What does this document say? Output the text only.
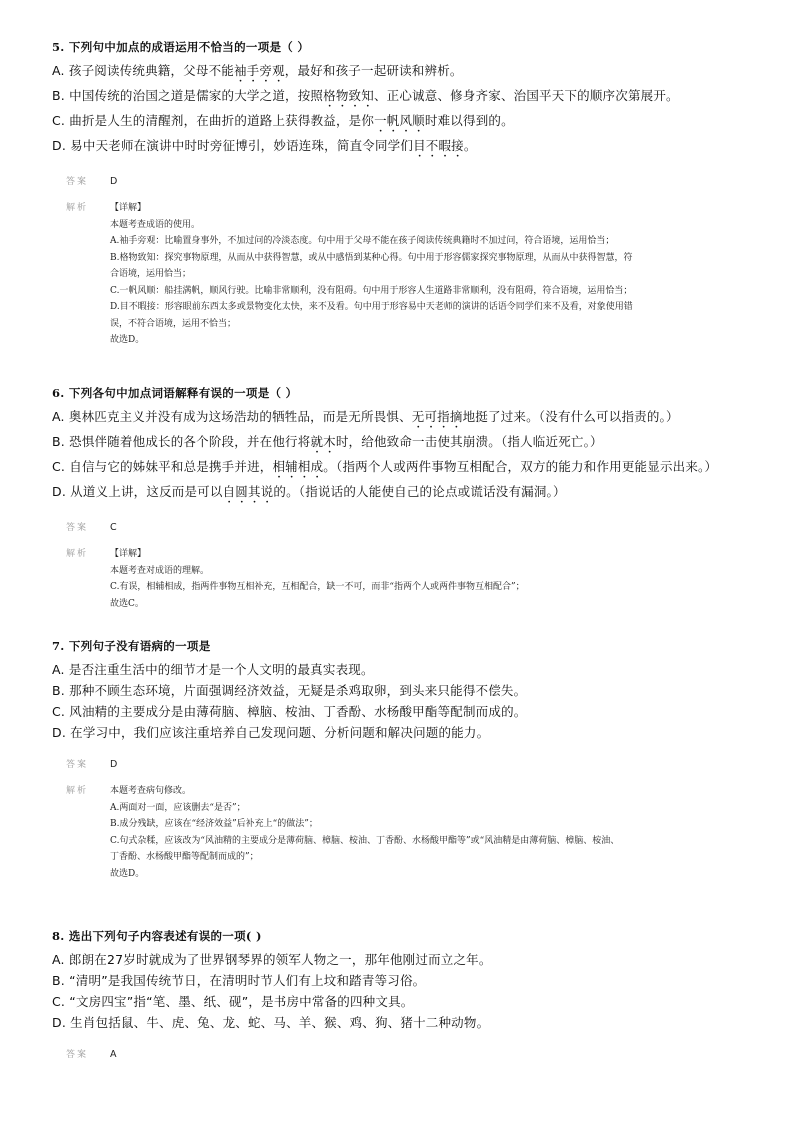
5. 下列句中加点的成语运用不恰当的一项是（ ）
A. 孩子阅读传统典籍，父母不能袖手旁观，最好和孩子一起研读和辨析。
B. 中国传统的治国之道是儒家的大学之道，按照格物致知、正心诚意、修身齐家、治国平天下的顺序次第展开。
C. 曲折是人生的清醒剂，在曲折的道路上获得教益，是你一帆风顺时难以得到的。
D. 易中天老师在演讲中时时旁征博引，妙语连珠，简直令同学们目不暇接。
答案	D
解析	【详解】
本题考查成语的使用。
A.袖手旁观：比喻置身事外，不加过问的冷淡态度。句中用于父母不能在孩子阅读传统典籍时不加过问，符合语境，运用恰当；
B.格物致知：探究事物原理，从而从中获得智慧，或从中感悟到某种心得。句中用于形容儒家探究事物原理，从而从中获得智慧，符
合语境，运用恰当；
C.一帆风顺：船挂满帆，顺风行驶。比喻非常顺利，没有阻碍。句中用于形容人生道路非常顺利，没有阻碍，符合语境，运用恰当；
D.目不暇接：形容眼前东西太多或景物变化太快，来不及看。句中用于形容易中天老师的演讲的话语令同学们来不及看，对象使用错
误，不符合语境，运用不恰当；
故选D。
6. 下列各句中加点词语解释有误的一项是（ ）
A. 奥林匹克主义并没有成为这场浩劫的牺牲品，而是无所畏惧、无可指摘地挺了过来。（没有什么可以指责的。）
B. 恐惧伴随着他成长的各个阶段，并在他行将就木时，给他致命一击使其崩溃。（指人临近死亡。）
C. 自信与它的姊妹平和总是携手并进，相辅相成。（指两个人或两件事物互相配合，双方的能力和作用更能显示出来。）
D. 从道义上讲，这反而是可以自圆其说的。（指说话的人能使自己的论点或谎话没有漏洞。）
答案	C
解析	【详解】
本题考查对成语的理解。
C.有误，相辅相成，指两件事物互相补充，互相配合，缺一不可，而非“指两个人或两件事物互相配合”；
故选C。
7. 下列句子没有语病的一项是
A. 是否注重生活中的细节才是一个人文明的最真实表现。
B. 那种不顾生态环境，片面强调经济效益，无疑是杀鸡取卵，到头来只能得不偿失。
C. 风油精的主要成分是由薄荷脑、樟脑、桉油、丁香酚、水杨酸甲酯等配制而成的。
D. 在学习中，我们应该注重培养自己发现问题、分析问题和解决问题的能力。
答案	D
解析	本题考查病句修改。
A.两面对一面，应该删去“是否”；
B.成分残缺，应该在“经济效益”后补充上“的做法”；
C.句式杂糅，应该改为“风油精的主要成分是薄荷脑、樟脑、桉油、丁香酚、水杨酸甲酯等”或“风油精是由薄荷脑、樟脑、桉油、
丁香酚、水杨酸甲酯等配制而成的”；
故选D。
8. 选出下列句子内容表述有误的一项( )
A. 郎朗在27岁时就成为了世界钢琴界的领军人物之一，那年他刚过而立之年。
B. “清明”是我国传统节日，在清明时节人们有上坟和踏青等习俗。
C. “文房四宝”指“笔、墨、纸、砚”，是书房中常备的四种文具。
D. 生肖包括鼠、牛、虎、兔、龙、蛇、马、羊、猴、鸡、狗、猪十二种动物。
答案	A
